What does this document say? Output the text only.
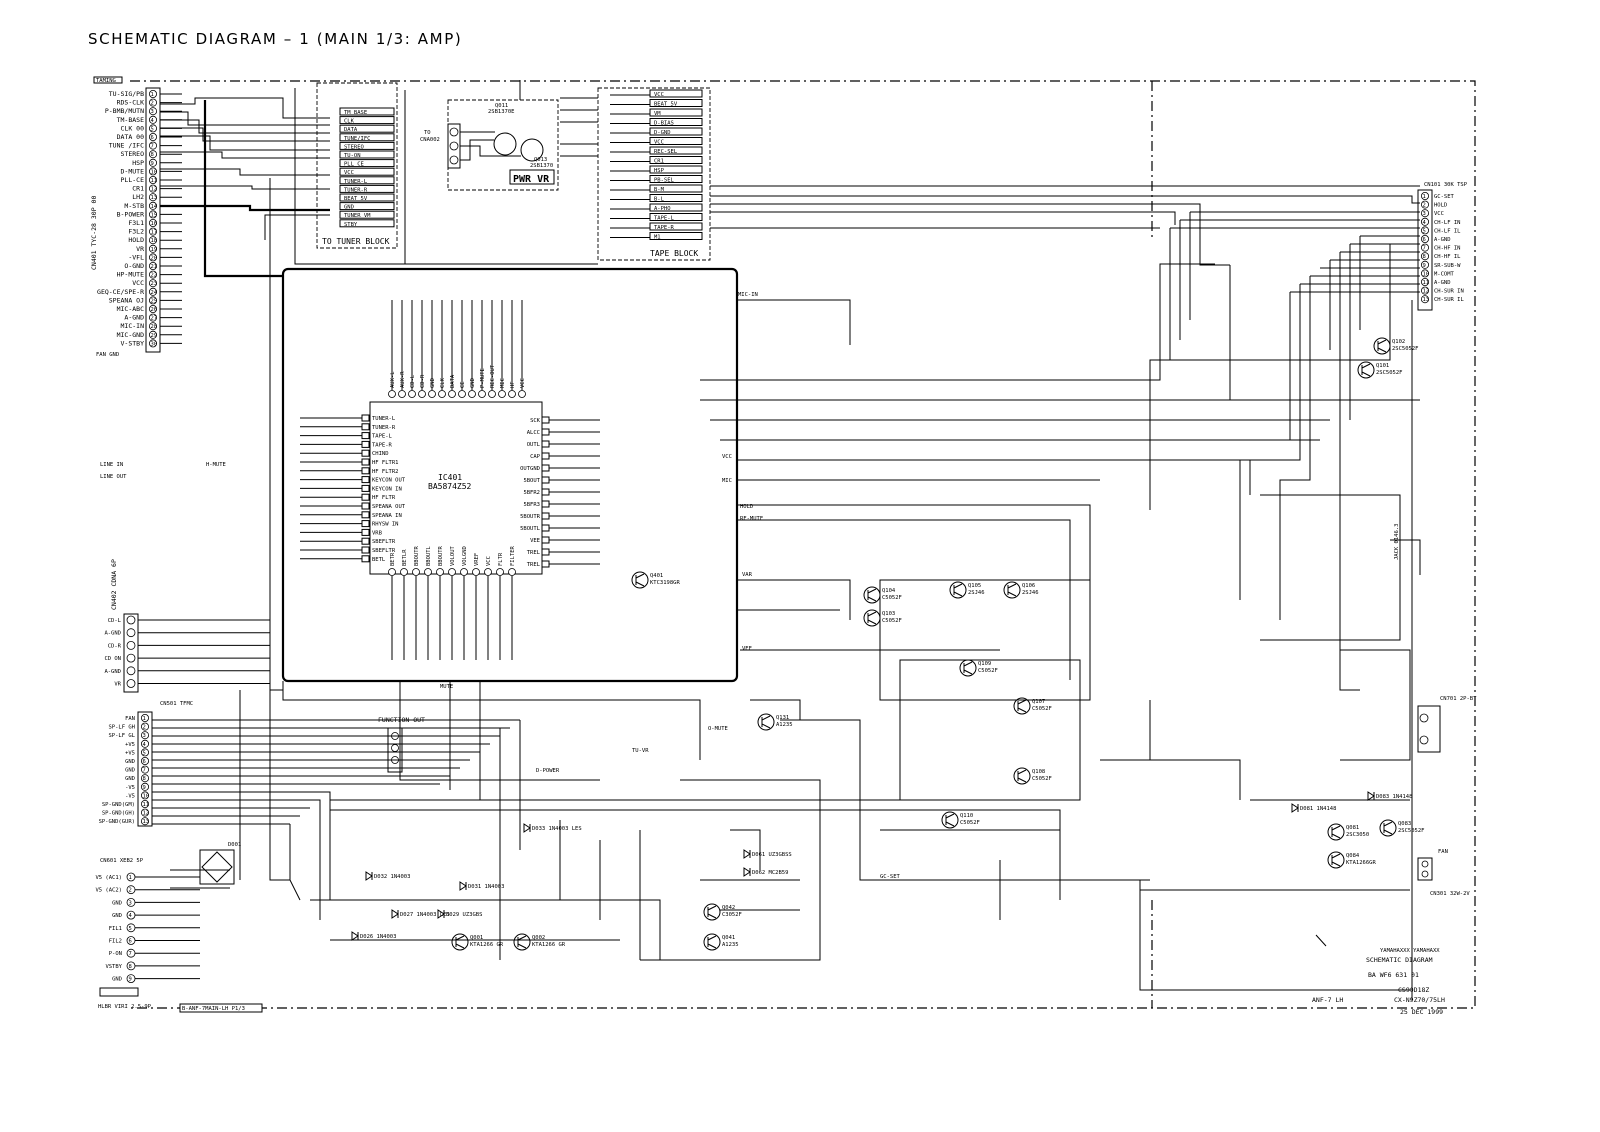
SCHEMATIC DIAGRAM – 1 (MAIN 1/3: AMP)
TAMING
CN401 TYC-28 30P 00
1
TU-SIG/PB
2
RDS-CLK
3
P-BMB/MUTN
4
TM-BASE
5
CLK 00
6
DATA 00
7
TUNE /IFC
8
STEREO
9
HSP
10
D-MUTE
11
PLL-CE
12
CR1
13
LH2
14
M-STB
15
B-POWER
16
F3L1
17
F3L2
18
HOLD
19
VR
20
-VFL
21
O-GND
22
HP-MUTE
23
VCC
24
GEQ-CE/SPE-R
25
SPEANA OJ
26
MIC-ABC
27
A-GND
28
MIC-IN
29
MIC-GND
30
V-STBY
TO TUNER BLOCK
TM BASE
CLK
DATA
TUNE/IFC
STEREO
TU-ON
PLL CE
VCC
TUNER-L
TUNER-R
BEAT 5V
GND
TUNER VM
STBY
TO
CNA002
PWR VR
Q011
2SB1370E
Q013
2SB1370
TAPE BLOCK
VCC
BEAT 5V
VM
D-BIAS
D-GND
VCC
REC-SEL
CR1
HSP
PB-SEL
B-M
B-L
A-PHO
TAPE-L
TAPE-R
M1
CN101 30K TSP
1 GC-SET
2 HOLD
3 VCC
4 CH-LF IN
5 CH-LF IL
6 A-GND
7 CH-HF IN
8 CH-HF IL
9 SR-SUB-W
10 M-COMT
11 A-GND
12 CH-SUR IN
13 CH-SUR IL
IC401
BA5874Z52
TUNER-L
TUNER-R
TAPE-L
TAPE-R
CHIND
HF FLTR1
HF FLTR2
KEYCON OUT
KEYCON IN
HF FLTR
SPEANA OUT
SPEANA IN
RHYSW IN
VRB
SBEFLTR
SBEFLTR
BETL
SCK
ALCC
OUTL
CAP
OUTGND
5BOUT
5BFR2
5BFR3
5BOUTR
5BOUTL
VEE
TREL
TREL
AUX-L AUX-R CD-L CD-R GND CLK DATA CE GND P-MUTE REC-OUT MIC HF VCC
BETR BETLR BBOUTR BBOUTL BBOUTR VOLOUT VOLGND VREF VCC FLTR FILTER
Q401
KTC3198GR
Q104
C5052F
Q105
2SJ46
Q106
2SJ46
Q103
C5052F
Q107
C5052F
Q108
C5052F
Q109
C5052F
Q110
C5052F
Q102
2SC5052F
Q101
2SC5052F
Q081
2SC3050
Q083
2SC5052F
Q084
KTA1266GR
Q131
A1235
CN701 2P-BT
JACK 0146.3
FAN
CN301 32W-2V
CN402 CDNA 6P
CD-L
A-GND
CD-R
CD ON
A-GND
VR
CN501 TFMC
1
FAN
2
SP-LF GH
3
SP-LF GL
4
+V5
5
+V5
6
GND
7
GND
8
GND
9
-V5
10
-V5
11
SP-GND(GM)
12
SP-GND(GH)
13
SP-GND(GUR)
CN601 XEB2 5P
1
V5 (AC1)
2
V5 (AC2)
3
GND
4
GND
5
FIL1
6
FIL2
7
P-ON
8
VSTBY
9
GND
HLBR VIRI 2.5-9P
D001
FUNCTION OUT
Q001
KTA1266 GR
Q002
KTA1266 GR
Q041
A1235
Q042
C3052F
VCC
MIC
VAR
VEE
HOLD
RF-MUTE
MUTE
O-MUTE
TU-VR
GC-SET
MIC-IN
D-POWER
FAN GND
H-MUTE
LINE OUT
LINE IN
D033 1N4003 LES
D032 1N4003
D027 1N4003 LES
D029 UZ3GBS
D026 1N4003
D031 1N4003
D061 UZ3GBSS
D062 MC2B59
D081 1N4148
D083 1N4148
B-ANF-7MAIN-LH P1/3
YAMAHAXXX YAMAHAXX
SCHEMATIC DIAGRAM
BA WF6 631 01
CS90D18Z
ANF-7 LH	CX-N9Z70/75LH
25 DEC 1999
